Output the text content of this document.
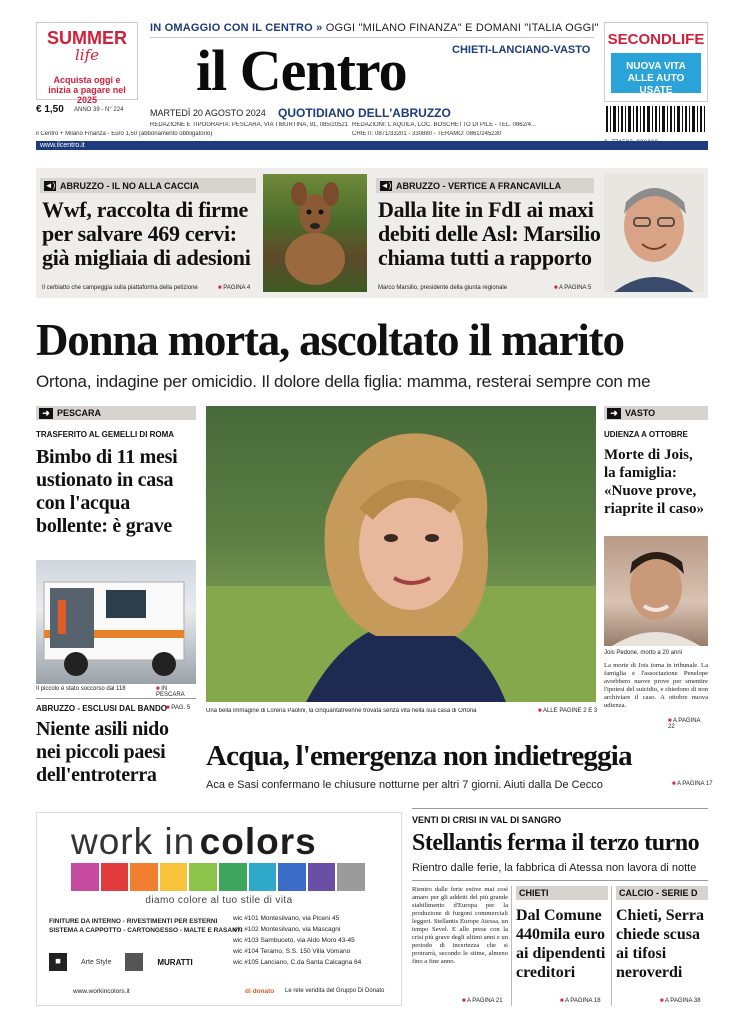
SUMMER
life
Acquista oggi e
inizia a pagare nel 2025
IN OMAGGIO CON IL CENTRO » OGGI "MILANO FINANZA" E DOMANI "ITALIA OGGI"
il Centro	CHIETI-LANCIANO-VASTO
MARTEDÌ 20 AGOSTO 2024 QUOTIDIANO DELL'ABRUZZO
SECONDLIFE
NUOVA VITA
ALLE AUTO USATE
€ 1,50 ANNO 39 - N° 224
il Centro + Milano Finanza - Euro 1,50 (abbonamento obbligatorio)
REDAZIONE E TIPOGRAFIA: PESCARA, VIA TIBURTINA, 91, 085/20521 REDAZIONI: L'AQUILA, LOC. BOSCHETTO DI PILE - TEL. 0862/4...
CHIETI: 0871/33201 - 330880 - TERAMO: 0861/245230
www.ilcentro.it
◄) ABRUZZO - IL NO ALLA CACCIA
Wwf, raccolta di firme per salvare 469 cervi: già migliaia di adesioni
Il cerbiatto che campeggia sulla piattaforma della petizione	■ PAGINA 4
◄) ABRUZZO - VERTICE A FRANCAVILLA
Dalla lite in FdI ai maxi debiti delle Asl: Marsilio chiama tutti a rapporto
Marco Marsilio, presidente della giunta regionale	■ A PAGINA 5
Donna morta, ascoltato il marito
Ortona, indagine per omicidio. Il dolore della figlia: mamma, resterai sempre con me
➜ PESCARA
TRASFERITO AL GEMELLI DI ROMA
Bimbo di 11 mesi ustionato in casa con l'acqua bollente: è grave
Il piccolo è stato soccorso dal 118	■ IN PESCARA
ABRUZZO - ESCLUSI DAL BANDO ■ PAG. 5
Niente asili nido nei piccoli paesi dell'entroterra
Una bella immagine di Lorena Paolini, la cinquantatreenne trovata senza vita nella sua casa di Ortona	■ ALLE PAGINE 2 E 3
➜ VASTO
UDIENZA A OTTOBRE
Morte di Jois, la famiglia: «Nuove prove, riaprite il caso»
Jois Pedone, morto a 20 anni
La morte di Jois torna in tribunale. La famiglia e l'associazione Penelope avrebbero nuove prove per smentire l'ipotesi del suicidio, e chiedono di non archiviare il caso. A ottobre nuova udienza.
■ A PAGINA 22
Acqua, l'emergenza non indietreggia
Aca e Sasi confermano le chiusure notturne per altri 7 giorni. Aiuti dalla De Cecco	■ A PAGINA 17
work in colors
diamo colore al tuo stile di vita
FINITURE DA INTERNO - RIVESTIMENTI PER ESTERNI
SISTEMA A CAPPOTTO - CARTONGESSO - MALTE E RASANTI
wic #101 Montesilvano, via Piceni 45
wic #102 Montesilvano, via Mascagni
wic #103 Sambuceto, via Aldo Moro 43-45
wic #104 Teramo, S.S. 150 Villa Vomano
wic #105 Lanciano, C.da Santa Calcagna 84
◼	Arte Style	MURATTI
www.workincolors.it	di donato Le rete vendita del Gruppo Di Donato
VENTI DI CRISI IN VAL DI SANGRO
Stellantis ferma il terzo turno
Rientro dalle ferie, la fabbrica di Atessa non lavora di notte
Rientro dalle ferie estive mai così amaro per gli addetti del più grande stabilimento d'Europa per la produzione di furgoni commerciali leggeri. Stellantis Europe Atessa, un tempo Sevel. E alle prese con la crisi più grave degli ultimi anni e un periodo di incertezza che si protrarrà, secondo le stime, almeno fino a fine anno.
■ A PAGINA 21
CHIETI
Dal Comune 440mila euro ai dipendenti creditori
■ A PAGINA 18
CALCIO - SERIE D
Chieti, Serra chiede scusa ai tifosi neroverdi
■ A PAGINA 38
